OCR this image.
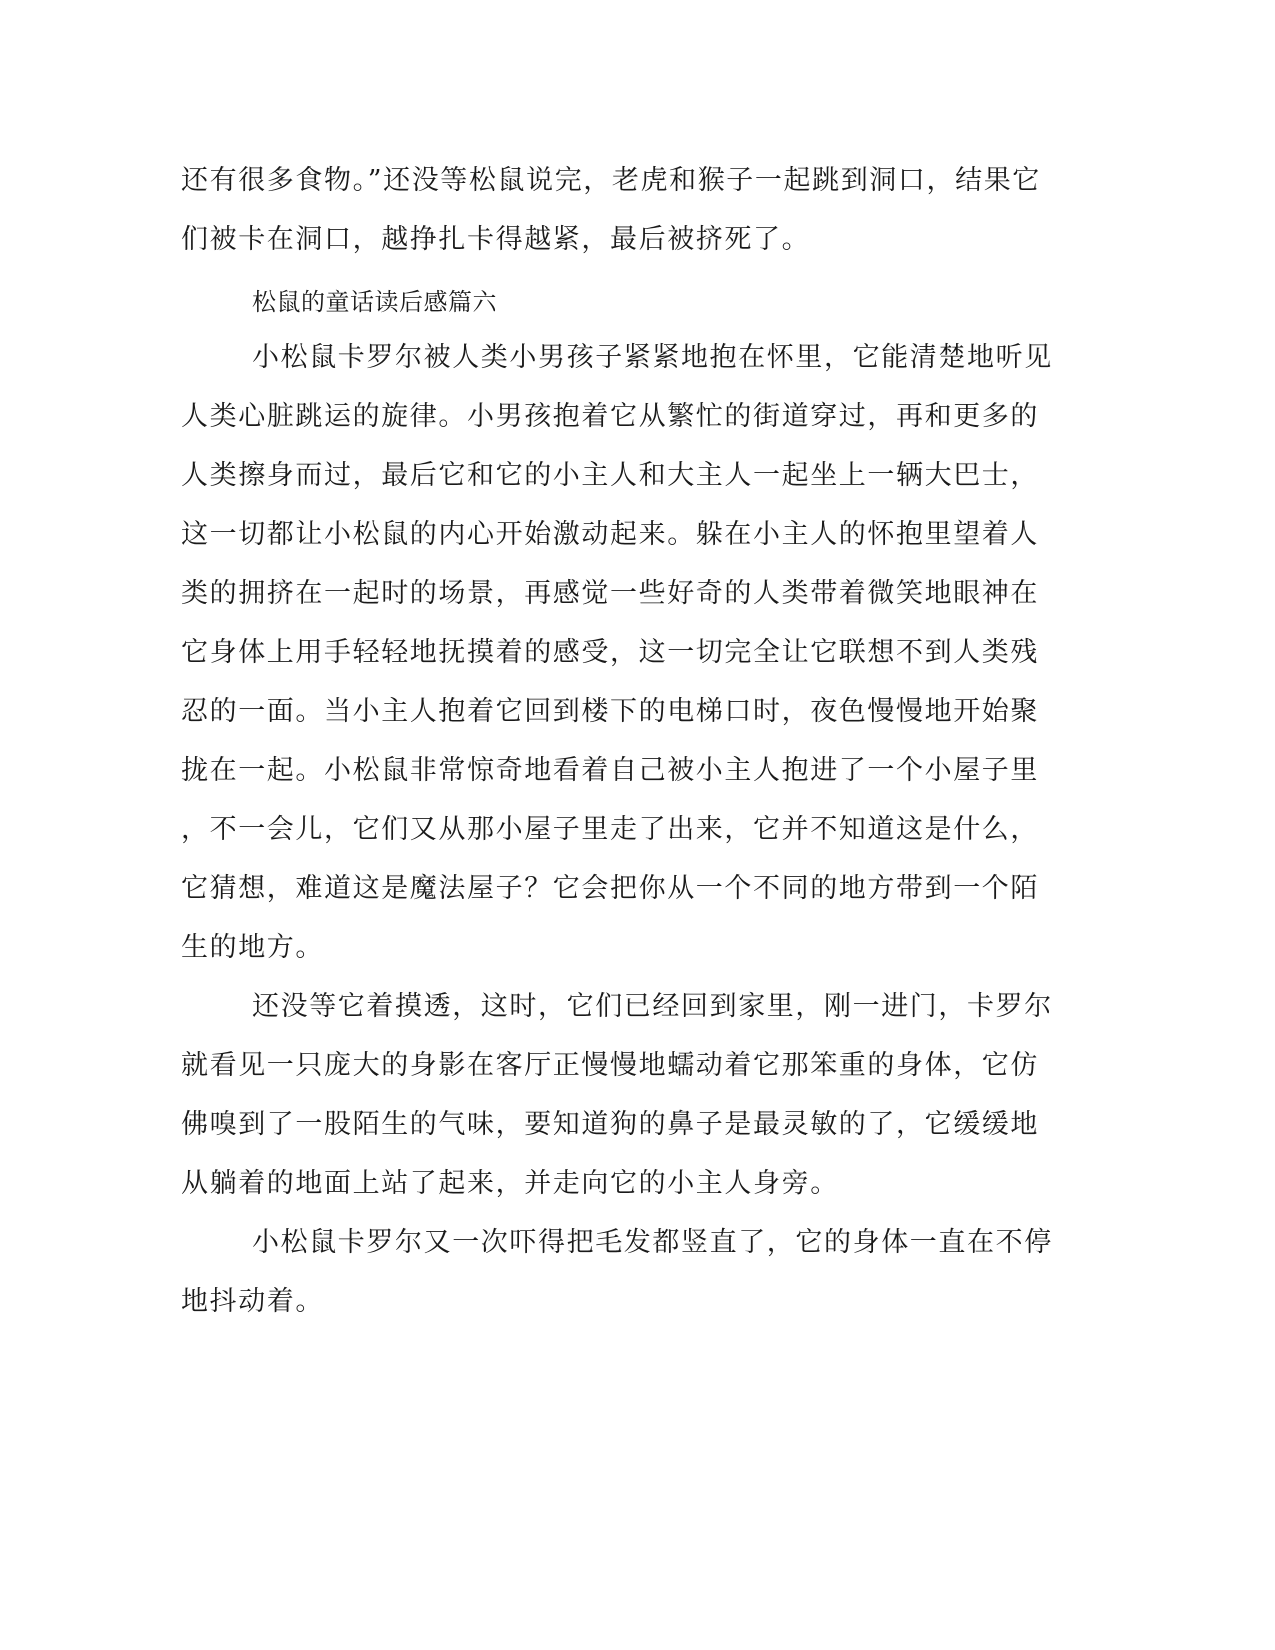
还有很多食物。”还没等松鼠说完，老虎和猴子一起跳到洞口，结果它
们被卡在洞口，越挣扎卡得越紧，最后被挤死了。
松鼠的童话读后感篇六
小松鼠卡罗尔被人类小男孩子紧紧地抱在怀里，它能清楚地听见
人类心脏跳运的旋律。小男孩抱着它从繁忙的街道穿过，再和更多的
人类擦身而过，最后它和它的小主人和大主人一起坐上一辆大巴士，
这一切都让小松鼠的内心开始激动起来。躲在小主人的怀抱里望着人
类的拥挤在一起时的场景，再感觉一些好奇的人类带着微笑地眼神在
它身体上用手轻轻地抚摸着的感受，这一切完全让它联想不到人类残
忍的一面。当小主人抱着它回到楼下的电梯口时，夜色慢慢地开始聚
拢在一起。小松鼠非常惊奇地看着自己被小主人抱进了一个小屋子里
，不一会儿，它们又从那小屋子里走了出来，它并不知道这是什么，
它猜想，难道这是魔法屋子？它会把你从一个不同的地方带到一个陌
生的地方。
还没等它着摸透，这时，它们已经回到家里，刚一进门，卡罗尔
就看见一只庞大的身影在客厅正慢慢地蠕动着它那笨重的身体，它仿
佛嗅到了一股陌生的气味，要知道狗的鼻子是最灵敏的了，它缓缓地
从躺着的地面上站了起来，并走向它的小主人身旁。
小松鼠卡罗尔又一次吓得把毛发都竖直了，它的身体一直在不停
地抖动着。
